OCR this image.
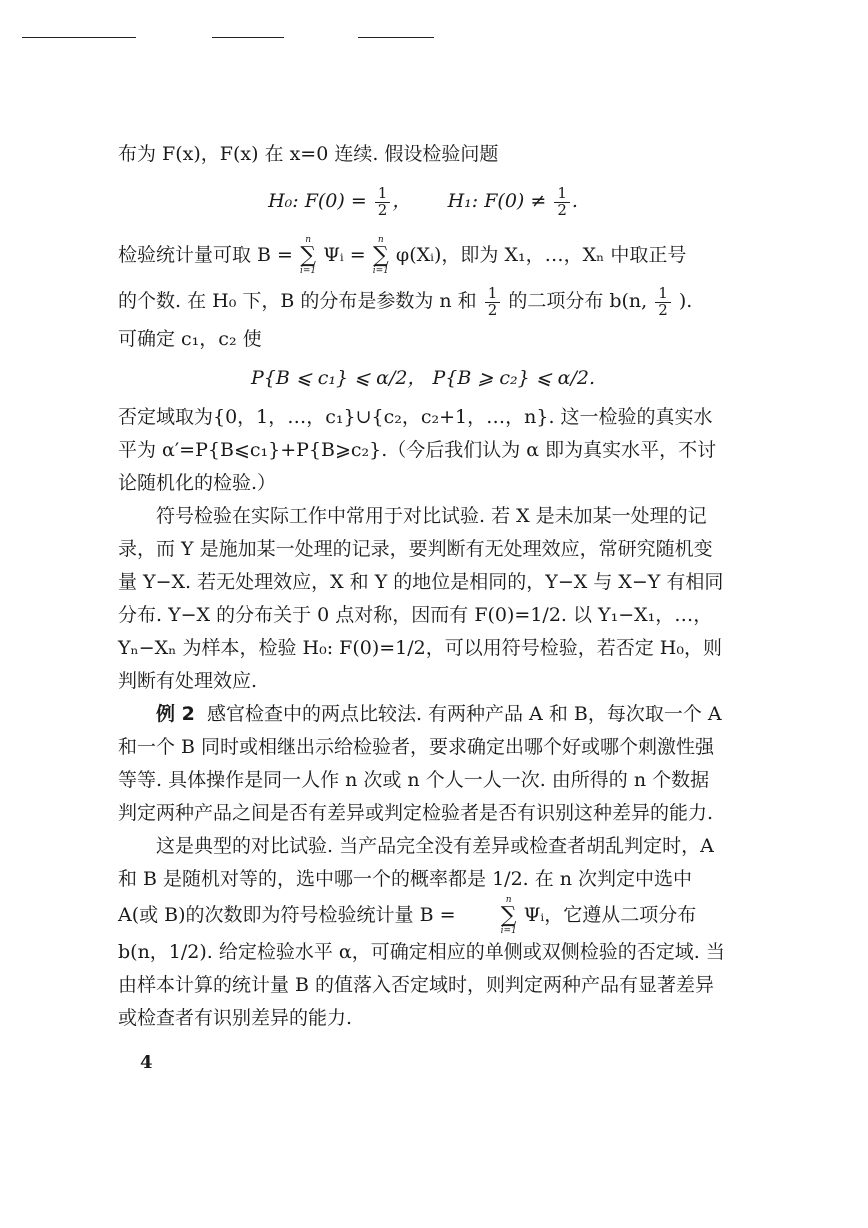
布为 F(x)，F(x) 在 x=0 连续. 假设检验问题

H₀: $F(0) = \frac{1}{2}$ ，      H₁: $F(0) \ne \frac{1}{2}$ .

检验统计量可取 B =
n
∑
i=1
Ψᵢ =
n
∑
i=1
φ(Xᵢ)，即为 X₁，…，Xₙ 中取正号

的个数. 在 H₀ 下，B 的分布是参数为 n 和 $\frac{1}{2}$ 的二项分布 b(n, $\frac{1}{2}$ ).

可确定 c₁，c₂ 使

P{B ⩽ c₁} ⩽ α/2， P{B ⩾ c₂} ⩽ α/2.

否定域取为{0，1，…，c₁}∪{c₂，c₂+1，…，n}. 这一检验的真实水平为 α′=P{B⩽c₁}+P{B⩾c₂}.（今后我们认为 α 即为真实水平，不讨论随机化的检验.）

符号检验在实际工作中常用于对比试验. 若 X 是未加某一处理的记录，而 Y 是施加某一处理的记录，要判断有无处理效应，常研究随机变量 Y−X. 若无处理效应，X 和 Y 的地位是相同的，Y−X 与 X−Y 有相同分布. Y−X 的分布关于 0 点对称，因而有 F(0)=1/2. 以 Y₁−X₁，…，Yₙ−Xₙ 为样本，检验 H₀: F(0)=1/2，可以用符号检验，若否定 H₀，则判断有处理效应.

例 2 感官检查中的两点比较法. 有两种产品 A 和 B，每次取一个 A 和一个 B 同时或相继出示给检验者，要求确定出哪个好或哪个刺激性强等等. 具体操作是同一人作 n 次或 n 个人一人一次. 由所得的 n 个数据判定两种产品之间是否有差异或判定检验者是否有识别这种差异的能力.

这是典型的对比试验. 当产品完全没有差异或检查者胡乱判定时，A 和 B 是随机对等的，选中哪一个的概率都是 1/2. 在 n 次判定中选中 A(或 B)的次数即为符号检验统计量 B =
n
∑
i=1
Ψᵢ，它遵从二项分布 b(n，1/2). 给定检验水平 α，可确定相应的单侧或双侧检验的否定域. 当由样本计算的统计量 B 的值落入否定域时，则判定两种产品有显著差异或检查者有识别差异的能力.

4
